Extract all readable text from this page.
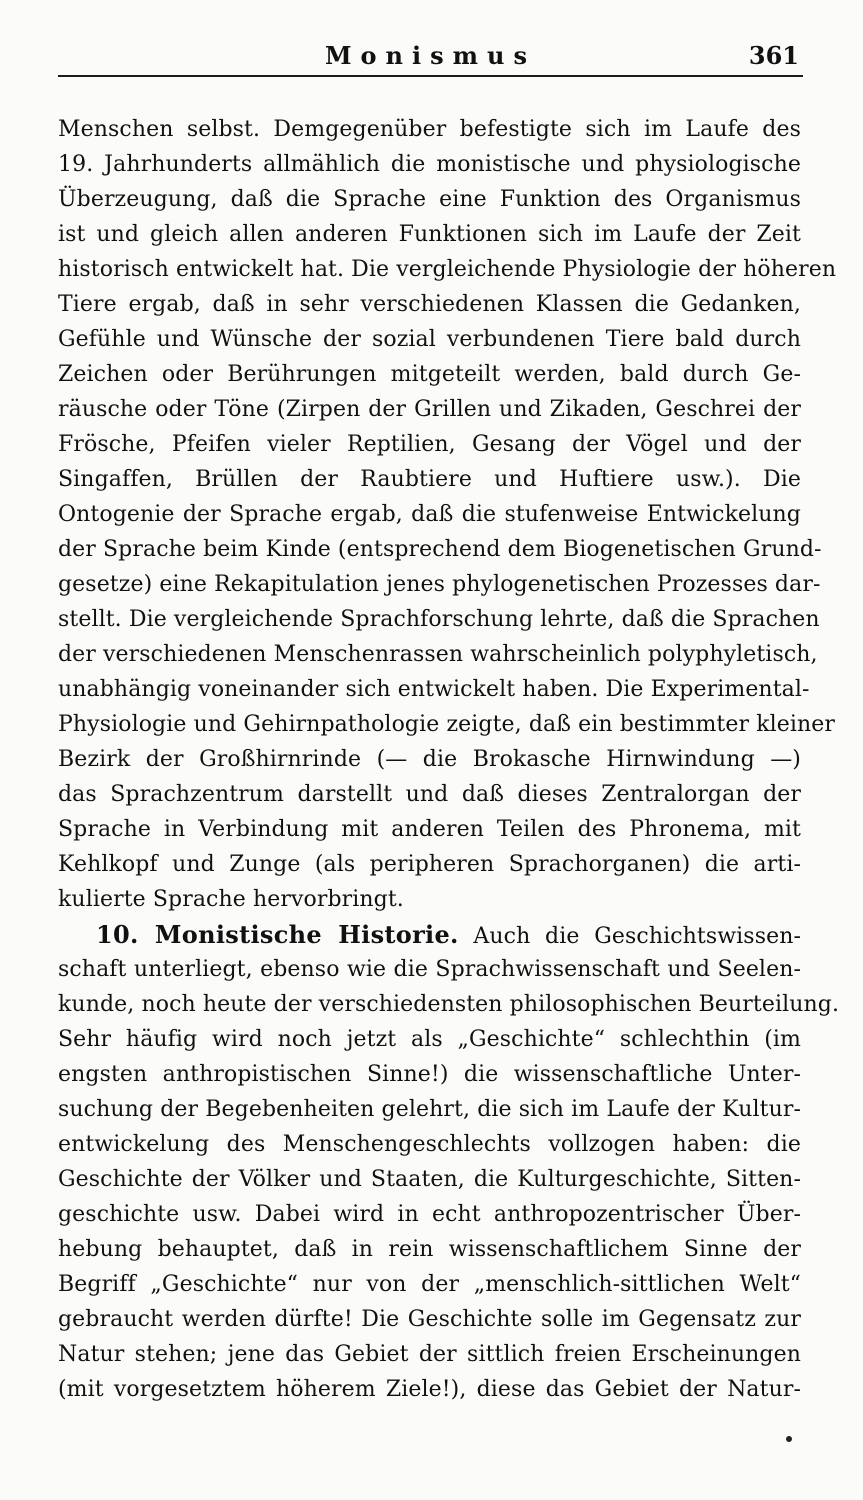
Monismus	361
Menschen selbst. Demgegenüber befestigte sich im Laufe des
19. Jahrhunderts allmählich die monistische und physiologische
Überzeugung, daß die Sprache eine Funktion des Organismus
ist und gleich allen anderen Funktionen sich im Laufe der Zeit
historisch entwickelt hat. Die vergleichende Physiologie der höheren
Tiere ergab, daß in sehr verschiedenen Klassen die Gedanken,
Gefühle und Wünsche der sozial verbundenen Tiere bald durch
Zeichen oder Berührungen mitgeteilt werden, bald durch Ge-
räusche oder Töne (Zirpen der Grillen und Zikaden, Geschrei der
Frösche, Pfeifen vieler Reptilien, Gesang der Vögel und der
Singaffen, Brüllen der Raubtiere und Huftiere usw.). Die
Ontogenie der Sprache ergab, daß die stufenweise Entwickelung
der Sprache beim Kinde (entsprechend dem Biogenetischen Grund-
gesetze) eine Rekapitulation jenes phylogenetischen Prozesses dar-
stellt. Die vergleichende Sprachforschung lehrte, daß die Sprachen
der verschiedenen Menschenrassen wahrscheinlich polyphyletisch,
unabhängig voneinander sich entwickelt haben. Die Experimental-
Physiologie und Gehirnpathologie zeigte, daß ein bestimmter kleiner
Bezirk der Großhirnrinde (— die Brokasche Hirnwindung —)
das Sprachzentrum darstellt und daß dieses Zentralorgan der
Sprache in Verbindung mit anderen Teilen des Phronema, mit
Kehlkopf und Zunge (als peripheren Sprachorganen) die arti-
kulierte Sprache hervorbringt.
10. Monistische Historie. Auch die Geschichtswissen-
schaft unterliegt, ebenso wie die Sprachwissenschaft und Seelen-
kunde, noch heute der verschiedensten philosophischen Beurteilung.
Sehr häufig wird noch jetzt als „Geschichte“ schlechthin (im
engsten anthropistischen Sinne!) die wissenschaftliche Unter-
suchung der Begebenheiten gelehrt, die sich im Laufe der Kultur-
entwickelung des Menschengeschlechts vollzogen haben: die
Geschichte der Völker und Staaten, die Kulturgeschichte, Sitten-
geschichte usw. Dabei wird in echt anthropozentrischer Über-
hebung behauptet, daß in rein wissenschaftlichem Sinne der
Begriff „Geschichte“ nur von der „menschlich-sittlichen Welt“
gebraucht werden dürfte! Die Geschichte solle im Gegensatz zur
Natur stehen; jene das Gebiet der sittlich freien Erscheinungen
(mit vorgesetztem höherem Ziele!), diese das Gebiet der Natur-
